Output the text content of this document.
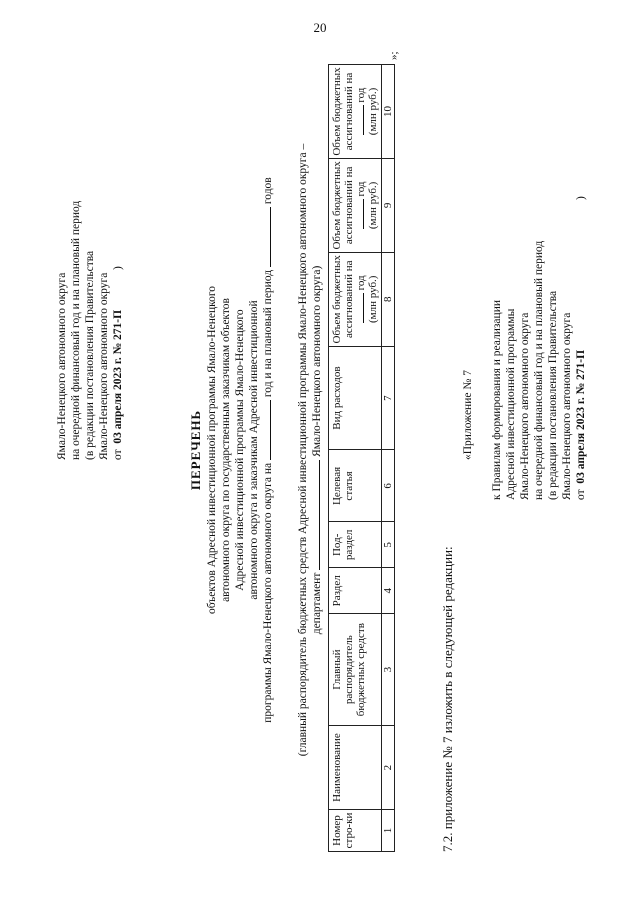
20
Ямало-Ненецкого автономного округа на очередной финансовый год и на плановый период (в редакции постановления Правительства Ямало-Ненецкого автономного округа от  03 апреля 2023 г. № 271-П)
ПЕРЕЧЕНЬ объектов Адресной инвестиционной программы Ямало-Ненецкого автономного округа по государственным заказчикам объектов Адресной инвестиционной программы Ямало-Ненецкого автономного округа и заказчикам Адресной инвестиционной программы Ямало-Ненецкого автономного округа на  год и на плановый период  годов (главный распорядитель бюджетных средств Адресной инвестиционной программы Ямало-Ненецкого автономного округа – департамент  Ямало-Ненецкого автономного округа)
Номер стро-ки	Наименование	Главный распорядитель бюджетных средств	Раздел	Под-раздел	Целевая статья	Вид расходов	Объем бюджетных ассигнований на
год
(млн руб.)	Объем бюджетных ассигнований на
год
(млн руб.)	Объем бюджетных ассигнований на
год
(млн руб.)
1	2	3	4	5	6	7	8	9	10
»;
7.2. приложение № 7 изложить в следующей редакции:
«Приложение № 7 к Правилам формирования и реализации Адресной инвестиционной программы Ямало-Ненецкого автономного округа на очередной финансовый год и на плановый период (в редакции постановления Правительства Ямало-Ненецкого автономного округа от  03 апреля 2023 г. № 271-П)
